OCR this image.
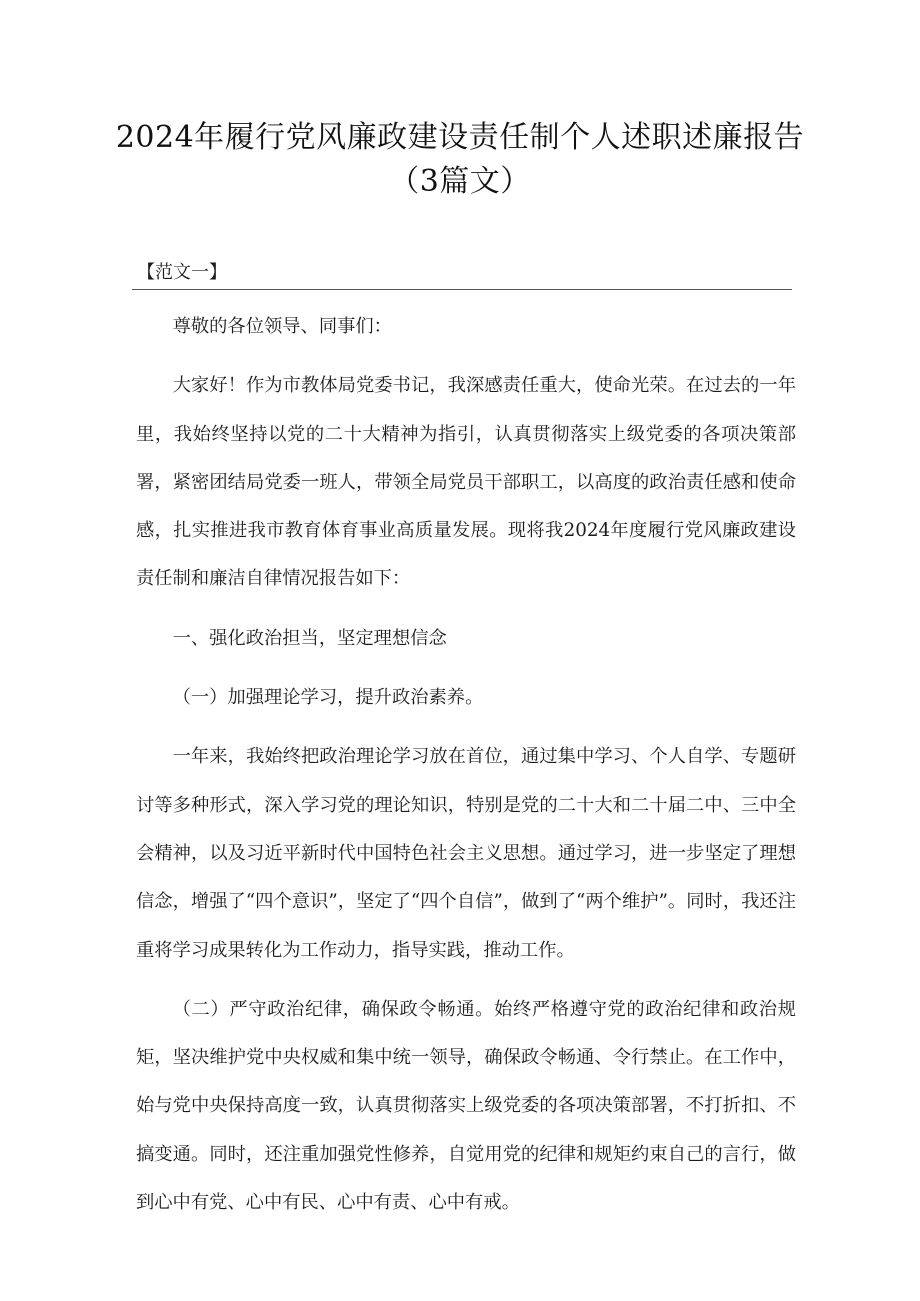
2024年履行党风廉政建设责任制个人述职述廉报告
（3篇文）
【范文一】

尊敬的各位领导、同事们：

大家好！作为市教体局党委书记，我深感责任重大，使命光荣。在过去的一年里，我始终坚持以党的二十大精神为指引，认真贯彻落实上级党委的各项决策部署，紧密团结局党委一班人，带领全局党员干部职工，以高度的政治责任感和使命感，扎实推进我市教育体育事业高质量发展。现将我2024年度履行党风廉政建设责任制和廉洁自律情况报告如下：

一、强化政治担当，坚定理想信念

（一）加强理论学习，提升政治素养。

一年来，我始终把政治理论学习放在首位，通过集中学习、个人自学、专题研讨等多种形式，深入学习党的理论知识，特别是党的二十大和二十届二中、三中全会精神，以及习近平新时代中国特色社会主义思想。通过学习，进一步坚定了理想信念，增强了“四个意识”，坚定了“四个自信”，做到了“两个维护”。同时，我还注重将学习成果转化为工作动力，指导实践，推动工作。

（二）严守政治纪律，确保政令畅通。始终严格遵守党的政治纪律和政治规矩，坚决维护党中央权威和集中统一领导，确保政令畅通、令行禁止。在工作中，始与党中央保持高度一致，认真贯彻落实上级党委的各项决策部署，不打折扣、不搞变通。同时，还注重加强党性修养，自觉用党的纪律和规矩约束自己的言行，做到心中有党、心中有民、心中有责、心中有戒。
